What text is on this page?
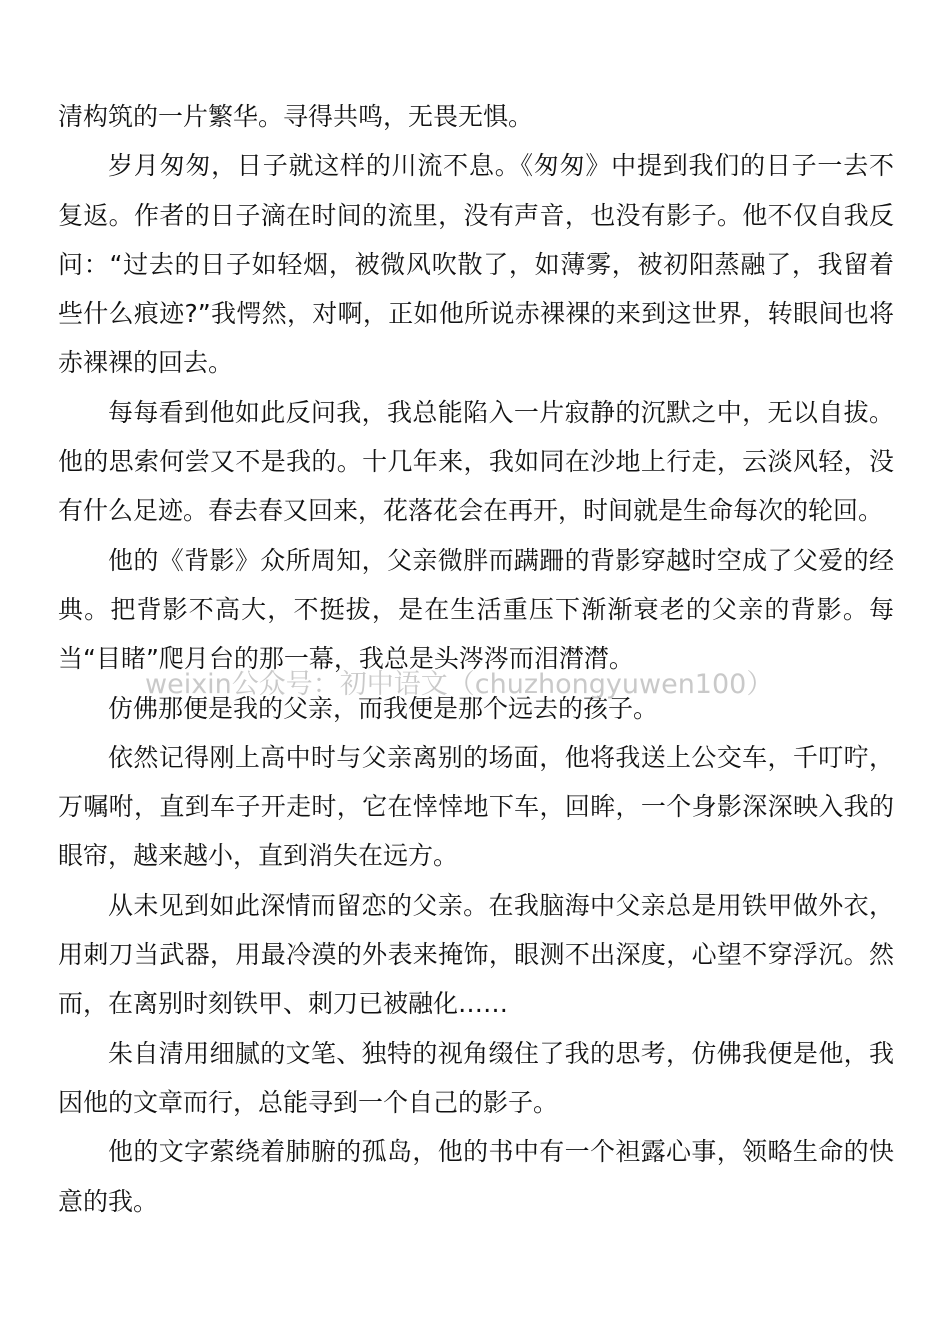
清构筑的一片繁华。寻得共鸣，无畏无惧。

岁月匆匆，日子就这样的川流不息。《匆匆》中提到我们的日子一去不复返。作者的日子滴在时间的流里，没有声音，也没有影子。他不仅自我反问：“过去的日子如轻烟，被微风吹散了，如薄雾，被初阳蒸融了，我留着些什么痕迹?”我愕然，对啊，正如他所说赤裸裸的来到这世界，转眼间也将赤裸裸的回去。

每每看到他如此反问我，我总能陷入一片寂静的沉默之中，无以自拔。他的思索何尝又不是我的。十几年来，我如同在沙地上行走，云淡风轻，没有什么足迹。春去春又回来，花落花会在再开，时间就是生命每次的轮回。

他的《背影》众所周知，父亲微胖而蹒跚的背影穿越时空成了父爱的经典。把背影不高大，不挺拔，是在生活重压下渐渐衰老的父亲的背影。每当“目睹”爬月台的那一幕，我总是头涔涔而泪潸潸。

仿佛那便是我的父亲，而我便是那个远去的孩子。

依然记得刚上高中时与父亲离别的场面，他将我送上公交车，千叮咛，万嘱咐，直到车子开走时，它在悻悻地下车，回眸，一个身影深深映入我的眼帘，越来越小，直到消失在远方。

从未见到如此深情而留恋的父亲。在我脑海中父亲总是用铁甲做外衣，用刺刀当武器，用最冷漠的外表来掩饰，眼测不出深度，心望不穿浮沉。然而，在离别时刻铁甲、刺刀已被融化……

朱自清用细腻的文笔、独特的视角缀住了我的思考，仿佛我便是他，我因他的文章而行，总能寻到一个自己的影子。

他的文字萦绕着肺腑的孤岛，他的书中有一个袒露心事，领略生命的快意的我。

weixin公众号：初中语文（chuzhongyuwen100）
